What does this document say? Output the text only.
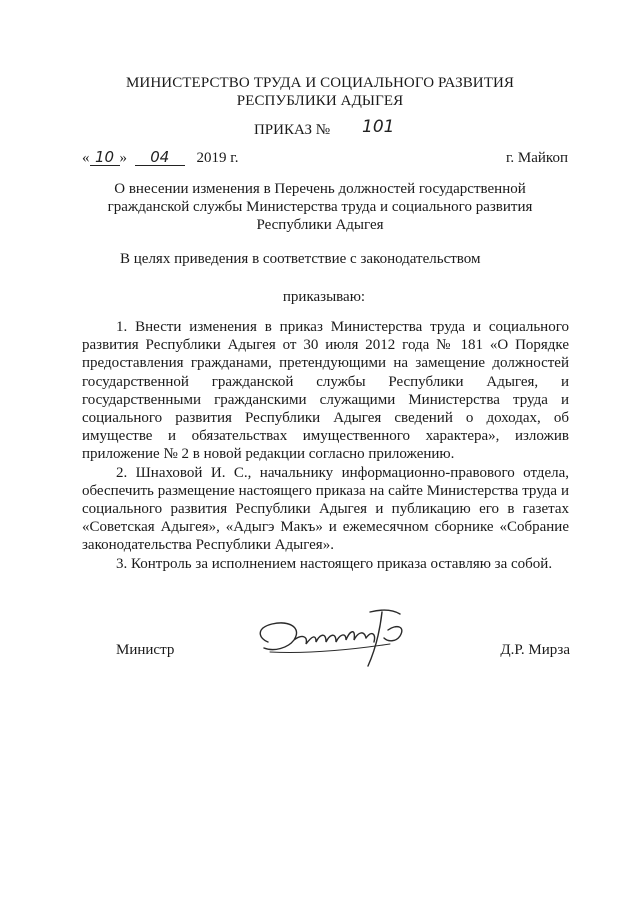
МИНИСТЕРСТВО ТРУДА И СОЦИАЛЬНОГО РАЗВИТИЯ
РЕСПУБЛИКИ АДЫГЕЯ
ПРИКАЗ №	101
« 10 » 04 2019 г.	г. Майкоп
О внесении изменения в Перечень должностей государственной
гражданской службы Министерства труда и социального развития
Республики Адыгея
В целях приведения в соответствие с законодательством
приказываю:

1. Внести изменения в приказ Министерства труда и социального развития Республики Адыгея от 30 июля 2012 года № 181 «О Порядке предоставления гражданами, претендующими на замещение должностей государственной гражданской службы Республики Адыгея, и государственными гражданскими служащими Министерства труда и социального развития Республики Адыгея сведений о доходах, об имуществе и обязательствах имущественного характера», изложив приложение № 2 в новой редакции согласно приложению.

2. Шнаховой И. С., начальнику информационно-правового отдела, обеспечить размещение настоящего приказа на сайте Министерства труда и социального развития Республики Адыгея и публикацию его в газетах «Советская Адыгея», «Адыгэ Макъ» и ежемесячном сборнике «Собрание законодательства Республики Адыгея».

3. Контроль за исполнением настоящего приказа оставляю за собой.

Министр	Д.Р. Мирза
